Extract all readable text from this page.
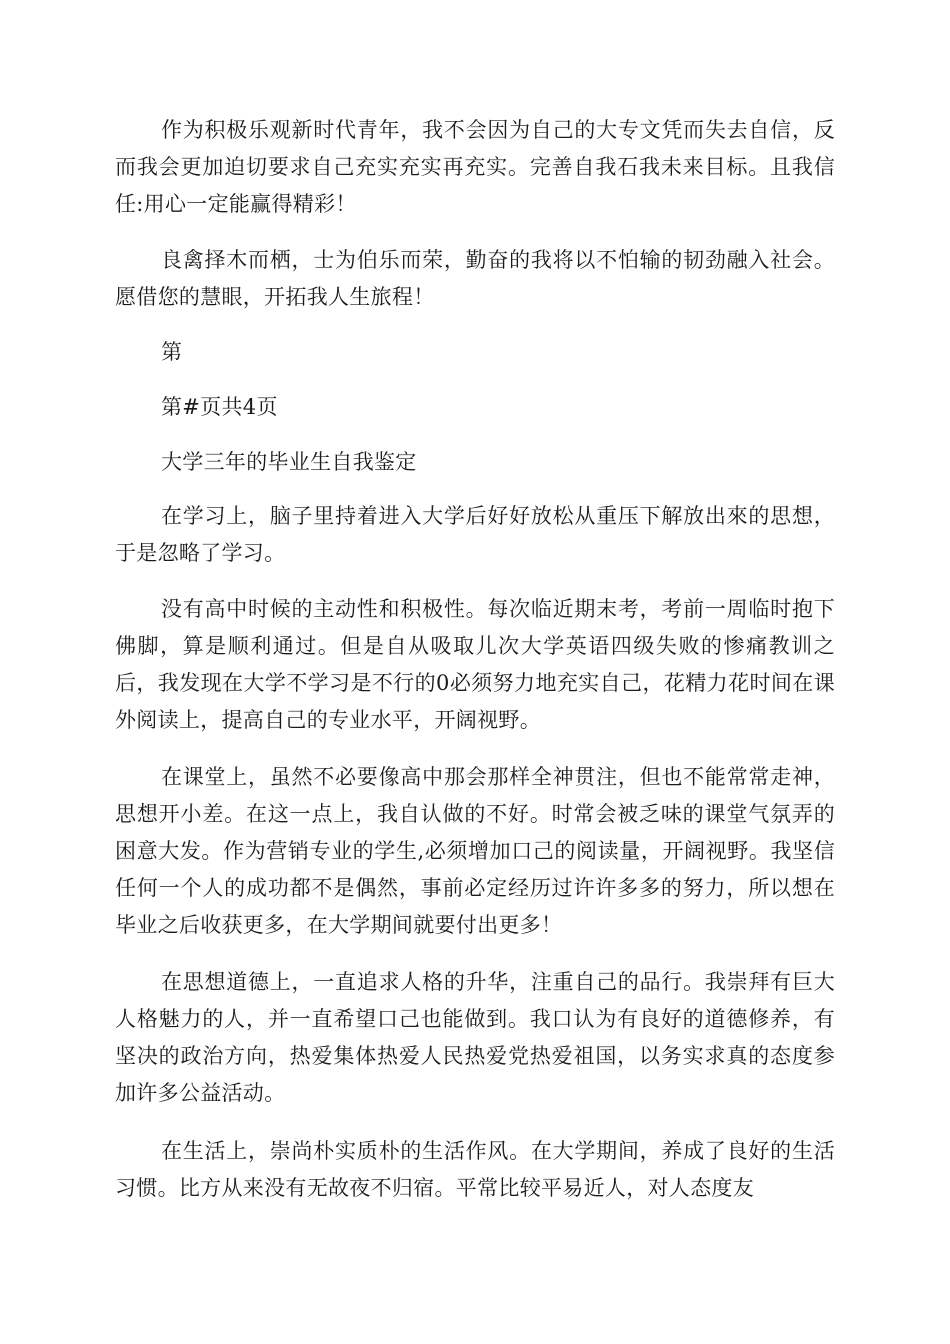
作为积极乐观新时代青年，我不会因为自己的大专文凭而失去自信，反而我会更加迫切要求自己充实充实再充实。完善自我石我未来目标。且我信任:用心一定能赢得精彩！

良禽择木而栖，士为伯乐而荣，勤奋的我将以不怕输的韧劲融入社会。愿借您的慧眼，开拓我人生旅程！

第

第#页共4页

大学三年的毕业生自我鉴定

在学习上，脑子里持着进入大学后好好放松从重压下解放出來的思想，于是忽略了学习。

没有高中时候的主动性和积极性。每次临近期末考，考前一周临时抱下佛脚，算是顺利通过。但是自从吸取儿次大学英语四级失败的惨痛教训之后，我发现在大学不学习是不行的0必须努力地充实自己，花精力花时间在课外阅读上，提高自己的专业水平，开阔视野。

在课堂上，虽然不必要像高中那会那样全神贯注，但也不能常常走神，思想开小差。在这一点上，我自认做的不好。时常会被乏味的课堂气氛弄的困意大发。作为营销专业的学生,必须增加口己的阅读量，开阔视野。我坚信任何一个人的成功都不是偶然，事前必定经历过许许多多的努力，所以想在毕业之后收获更多，在大学期间就要付出更多！

在思想道德上，一直追求人格的升华，注重自己的品行。我崇拜有巨大人格魅力的人，并一直希望口己也能做到。我口认为有良好的道德修养，有坚决的政治方向，热爱集体热爱人民热爱党热爱祖国，以务实求真的态度参加许多公益活动。

在生活上，崇尚朴实质朴的生活作风。在大学期间，养成了良好的生活习惯。比方从来没有无故夜不归宿。平常比较平易近人，对人态度友
